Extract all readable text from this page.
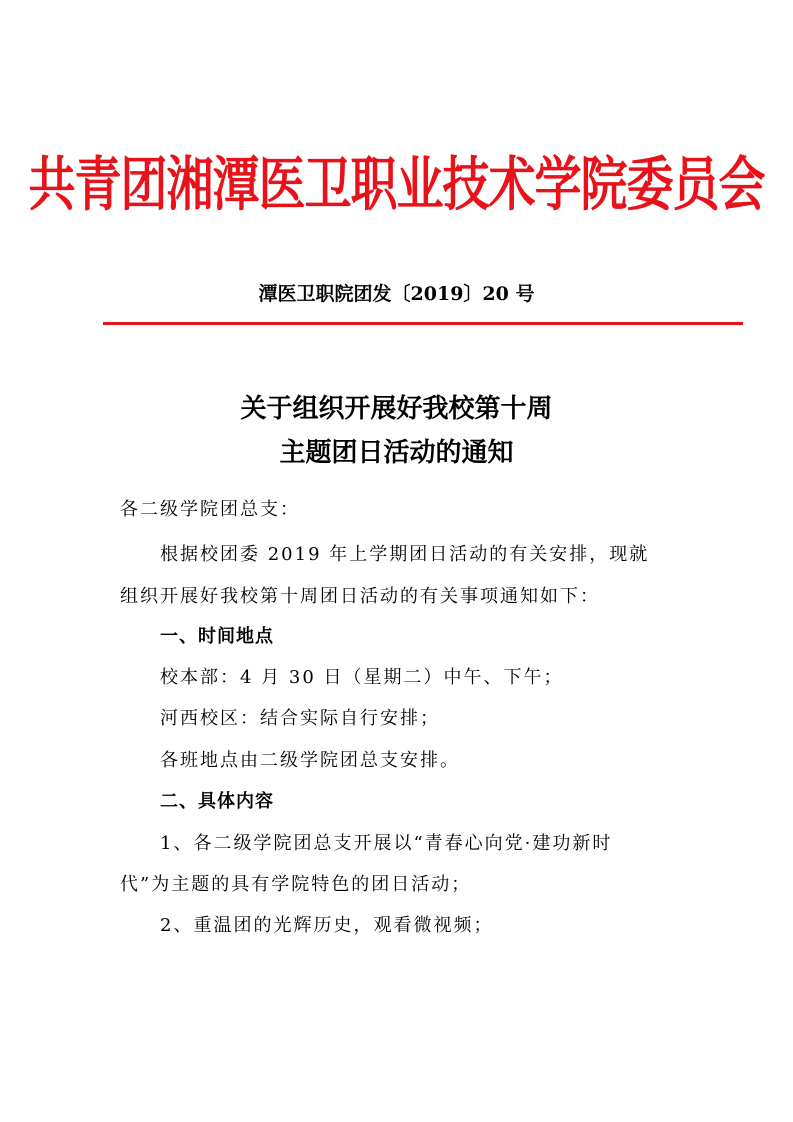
共青团湘潭医卫职业技术学院委员会
潭医卫职院团发〔2019〕20 号
关于组织开展好我校第十周
主题团日活动的通知
各二级学院团总支：
根据校团委 2019 年上学期团日活动的有关安排，现就
组织开展好我校第十周团日活动的有关事项通知如下：
一、时间地点
校本部：4 月 30 日（星期二）中午、下午；
河西校区：结合实际自行安排；
各班地点由二级学院团总支安排。
二、具体内容
1、各二级学院团总支开展以“青春心向党·建功新时
代”为主题的具有学院特色的团日活动；
2、重温团的光辉历史，观看微视频；
